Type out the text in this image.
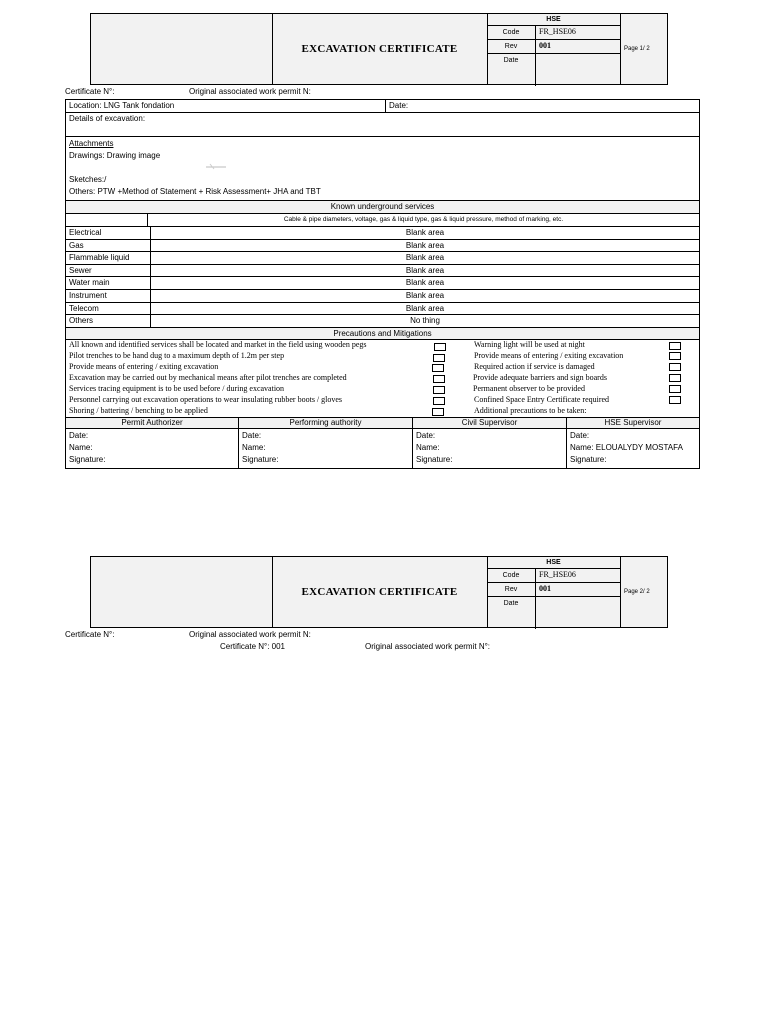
EXCAVATION CERTIFICATE
HSE
Code	FR_HSE06
Rev	001
Date
Page 1/ 2
Certificate N°:	Original associated work permit N:
Location: LNG Tank fondation	Date:
Details of excavation:
Attachments
Drawings: Drawing image
Sketches:/
Others: PTW +Method of Statement + Risk Assessment+ JHA and TBT
Known underground services
Cable & pipe diameters, voltage, gas & liquid type, gas & liquid pressure, method of marking, etc.
Electrical	Blank area
Gas	Blank area
Flammable liquid	Blank area
Sewer	Blank area
Water main	Blank area
Instrument	Blank area
Telecom	Blank area
Others	No thing
Precautions and Mitigations
All known and identified services shall be located and market in the field using wooden pegs
Pilot trenches to be hand dug to a maximum depth of 1.2m per step
Provide means of entering / exiting excavation
Excavation may be carried out by mechanical means after pilot trenches are completed
Services tracing equipment is to be used before / during excavation
Personnel carrying out excavation operations to wear insulating rubber boots / gloves
Shoring / battering / benching to be applied
Warning light will be used at night
Provide means of entering / exiting excavation
Required action if service is damaged
Provide adequate barriers and sign boards
Permanent observer to be provided
Confined Space Entry Certificate required
Additional precautions to be taken:
Permit Authorizer	Performing authority	Civil Supervisor	HSE Supervisor
Date:
Name:
Signature:
Date:
Name:
Signature:
Date:
Name:
Signature:
Date:
Name: ELOUALYDY MOSTAFA
Signature:
EXCAVATION CERTIFICATE
HSE
Code	FR_HSE06
Rev	001
Date
Page 2/ 2
Certificate N°:	Original associated work permit N:
Certificate N°: 001	Original associated work permit N°:
